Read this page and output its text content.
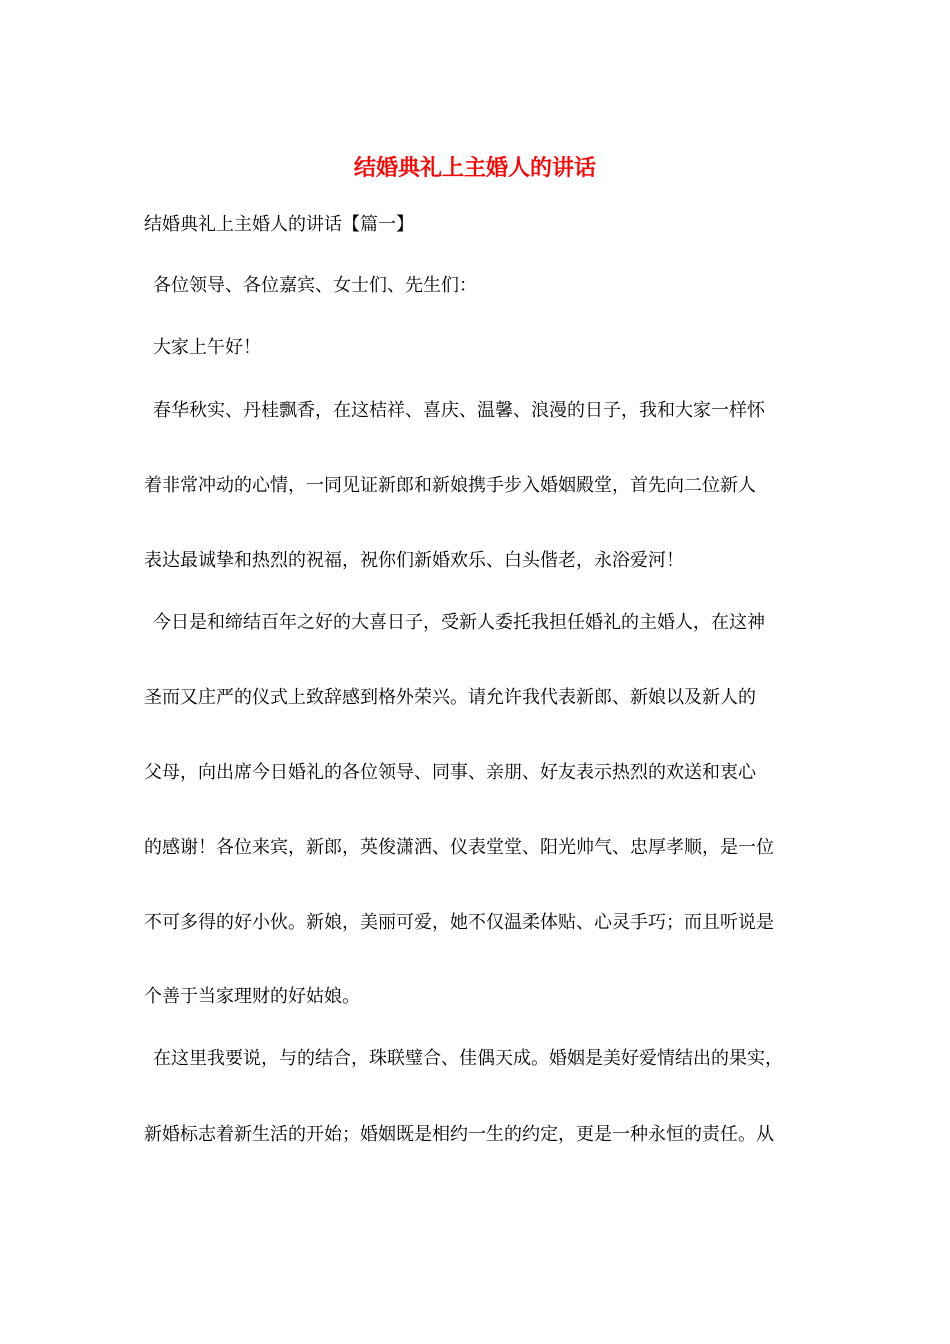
结婚典礼上主婚人的讲话
结婚典礼上主婚人的讲话【篇一】
各位领导、各位嘉宾、女士们、先生们：
大家上午好！
春华秋实、丹桂飘香，在这桔祥、喜庆、温馨、浪漫的日子，我和大家一样怀
着非常冲动的心情，一同见证新郎和新娘携手步入婚姻殿堂，首先向二位新人
表达最诚挚和热烈的祝福，祝你们新婚欢乐、白头偕老，永浴爱河！
今日是和缔结百年之好的大喜日子，受新人委托我担任婚礼的主婚人，在这神
圣而又庄严的仪式上致辞感到格外荣兴。请允许我代表新郎、新娘以及新人的
父母，向出席今日婚礼的各位领导、同事、亲朋、好友表示热烈的欢送和衷心
的感谢！各位来宾，新郎，英俊潇洒、仪表堂堂、阳光帅气、忠厚孝顺，是一位
不可多得的好小伙。新娘，美丽可爱，她不仅温柔体贴、心灵手巧；而且听说是
个善于当家理财的好姑娘。
在这里我要说，与的结合，珠联璧合、佳偶天成。婚姻是美好爱情结出的果实，
新婚标志着新生活的开始；婚姻既是相约一生的约定，更是一种永恒的责任。从
